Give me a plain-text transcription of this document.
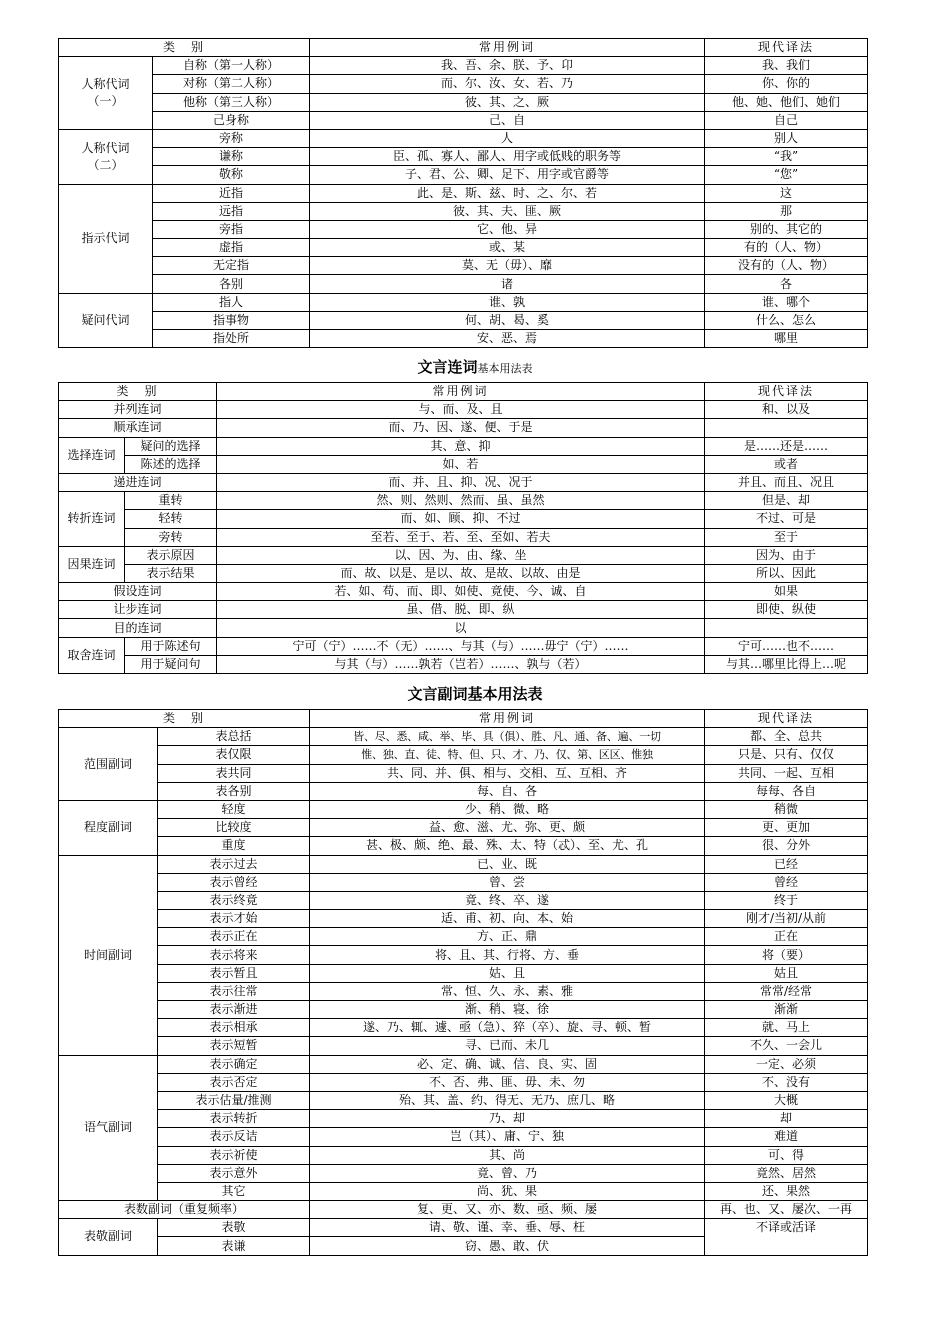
类　别		常用例词	现代译法
人称代词
（一）	自称（第一人称）	我、吾、余、朕、予、卬	我、我们
	对称（第二人称）	而、尔、汝、女、若、乃	你、你的
	他称（第三人称）	彼、其、之、厥	他、她、他们、她们
	己身称	己、自	自己
人称代词
（二）	旁称	人	别人
	谦称	臣、孤、寡人、鄙人、用字或低贱的职务等	“我”
	敬称	子、君、公、卿、足下、用字或官爵等	“您”
指示代词	近指	此、是、斯、兹、时、之、尔、若	这
	远指	彼、其、夫、匪、厥	那
	旁指	它、他、异	别的、其它的
	虚指	或、某	有的（人、物）
	无定指	莫、无（毋）、靡	没有的（人、物）
	各别	诸	各
疑问代词	指人	谁、孰	谁、哪个
	指事物	何、胡、曷、奚	什么、怎么
	指处所	安、恶、焉	哪里
文言连词基本用法表
类　别		常用例词	现代译法
并列连词		与、而、及、且	和、以及
顺承连词		而、乃、因、遂、便、于是	
选择连词	疑问的选择	其、意、抑	是……还是……
	陈述的选择	如、若	或者
递进连词		而、并、且、抑、况、况于	并且、而且、况且
转折连词	重转	然、则、然则、然而、虽、虽然	但是、却
	轻转	而、如、顾、抑、不过	不过、可是
	旁转	至若、至于、若、至、至如、若夫	至于
因果连词	表示原因	以、因、为、由、缘、坐	因为、由于
	表示结果	而、故、以是、是以、故、是故、以故、由是	所以、因此
假设连词		若、如、苟、而、即、如使、竟使、今、诚、自	如果
让步连词		虽、借、脱、即、纵	即使、纵使
目的连词		以	
取舍连词	用于陈述句	宁可（宁）……不（无）……、与其（与）……毋宁（宁）……	宁可……也不……
	用于疑问句	与其（与）……孰若（岂若）……、孰与（若）	与其…哪里比得上…呢
文言副词基本用法表
类　别		常用例词	现代译法
范围副词	表总括	皆、尽、悉、咸、举、毕、具（俱）、胜、凡、通、备、遍、一切	都、全、总共
	表仅限	惟、独、直、徒、特、但、只、才、乃、仅、第、区区、惟独	只是、只有、仅仅
	表共同	共、同、并、俱、相与、交相、互、互相、齐	共同、一起、互相
	表各别	每、自、各	每每、各自
程度副词	轻度	少、稍、微、略	稍微
	比较度	益、愈、滋、尤、弥、更、颇	更、更加
	重度	甚、极、颇、绝、最、殊、太、特（忒）、至、尤、孔	很、分外
时间副词	表示过去	已、业、既	已经
	表示曾经	曾、尝	曾经
	表示终竟	竟、终、卒、遂	终于
	表示才始	适、甫、初、向、本、始	刚才/当初/从前
	表示正在	方、正、鼎	正在
	表示将来	将、且、其、行将、方、垂	将（要）
	表示暂且	姑、且	姑且
	表示往常	常、恒、久、永、素、雅	常常/经常
	表示渐进	渐、稍、寝、徐	渐渐
	表示相承	遂、乃、辄、遽、亟（急）、猝（卒）、旋、寻、顿、暂	就、马上
	表示短暂	寻、已而、未几	不久、一会儿
语气副词	表示确定	必、定、确、诚、信、良、实、固	一定、必须
	表示否定	不、否、弗、匪、毋、未、勿	不、没有
	表示估量/推测	殆、其、盖、约、得无、无乃、庶几、略	大概
	表示转折	乃、却	却
	表示反诘	岂（其）、庸、宁、独	难道
	表示祈使	其、尚	可、得
	表示意外	竟、曾、乃	竟然、居然
	其它	尚、犹、果	还、果然
表数副词（重复频率）		复、更、又、亦、数、亟、频、屡	再、也、又、屡次、一再
表敬副词	表敬	请、敬、谨、幸、垂、辱、枉	不译或活译
	表谦	窃、愚、敢、伏	
